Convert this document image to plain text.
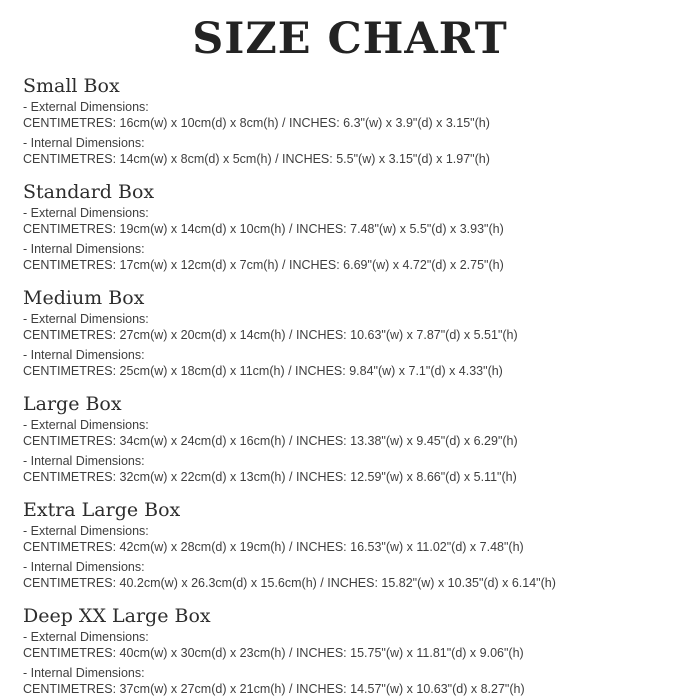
SIZE CHART
Small Box

- External Dimensions:

CENTIMETRES: 16cm(w) x 10cm(d) x 8cm(h) / INCHES: 6.3"(w) x 3.9"(d) x 3.15"(h)

- Internal Dimensions:

CENTIMETRES: 14cm(w) x 8cm(d) x 5cm(h) / INCHES: 5.5"(w) x 3.15"(d) x 1.97"(h)

Standard Box

- External Dimensions:

CENTIMETRES: 19cm(w) x 14cm(d) x 10cm(h) / INCHES: 7.48"(w) x 5.5"(d) x 3.93"(h)

- Internal Dimensions:

CENTIMETRES: 17cm(w) x 12cm(d) x 7cm(h) / INCHES: 6.69"(w) x 4.72"(d) x 2.75"(h)

Medium Box

- External Dimensions:

CENTIMETRES: 27cm(w) x 20cm(d) x 14cm(h) / INCHES: 10.63"(w) x 7.87"(d) x 5.51"(h)

- Internal Dimensions:

CENTIMETRES: 25cm(w) x 18cm(d) x 11cm(h) / INCHES: 9.84"(w) x 7.1"(d) x 4.33"(h)

Large Box

- External Dimensions:

CENTIMETRES: 34cm(w) x 24cm(d) x 16cm(h) / INCHES: 13.38"(w) x 9.45"(d) x 6.29"(h)

- Internal Dimensions:

CENTIMETRES: 32cm(w) x 22cm(d) x 13cm(h) / INCHES: 12.59"(w) x 8.66"(d) x 5.11"(h)

Extra Large Box

- External Dimensions:

CENTIMETRES: 42cm(w) x 28cm(d) x 19cm(h) / INCHES: 16.53"(w) x 11.02"(d) x 7.48"(h)

- Internal Dimensions:

CENTIMETRES: 40.2cm(w) x 26.3cm(d) x 15.6cm(h) / INCHES: 15.82"(w) x 10.35"(d) x 6.14"(h)

Deep XX Large Box

- External Dimensions:

CENTIMETRES: 40cm(w) x 30cm(d) x 23cm(h) / INCHES: 15.75"(w) x 11.81"(d) x 9.06"(h)

- Internal Dimensions:

CENTIMETRES: 37cm(w) x 27cm(d) x 21cm(h) / INCHES: 14.57"(w) x 10.63"(d) x 8.27"(h)
